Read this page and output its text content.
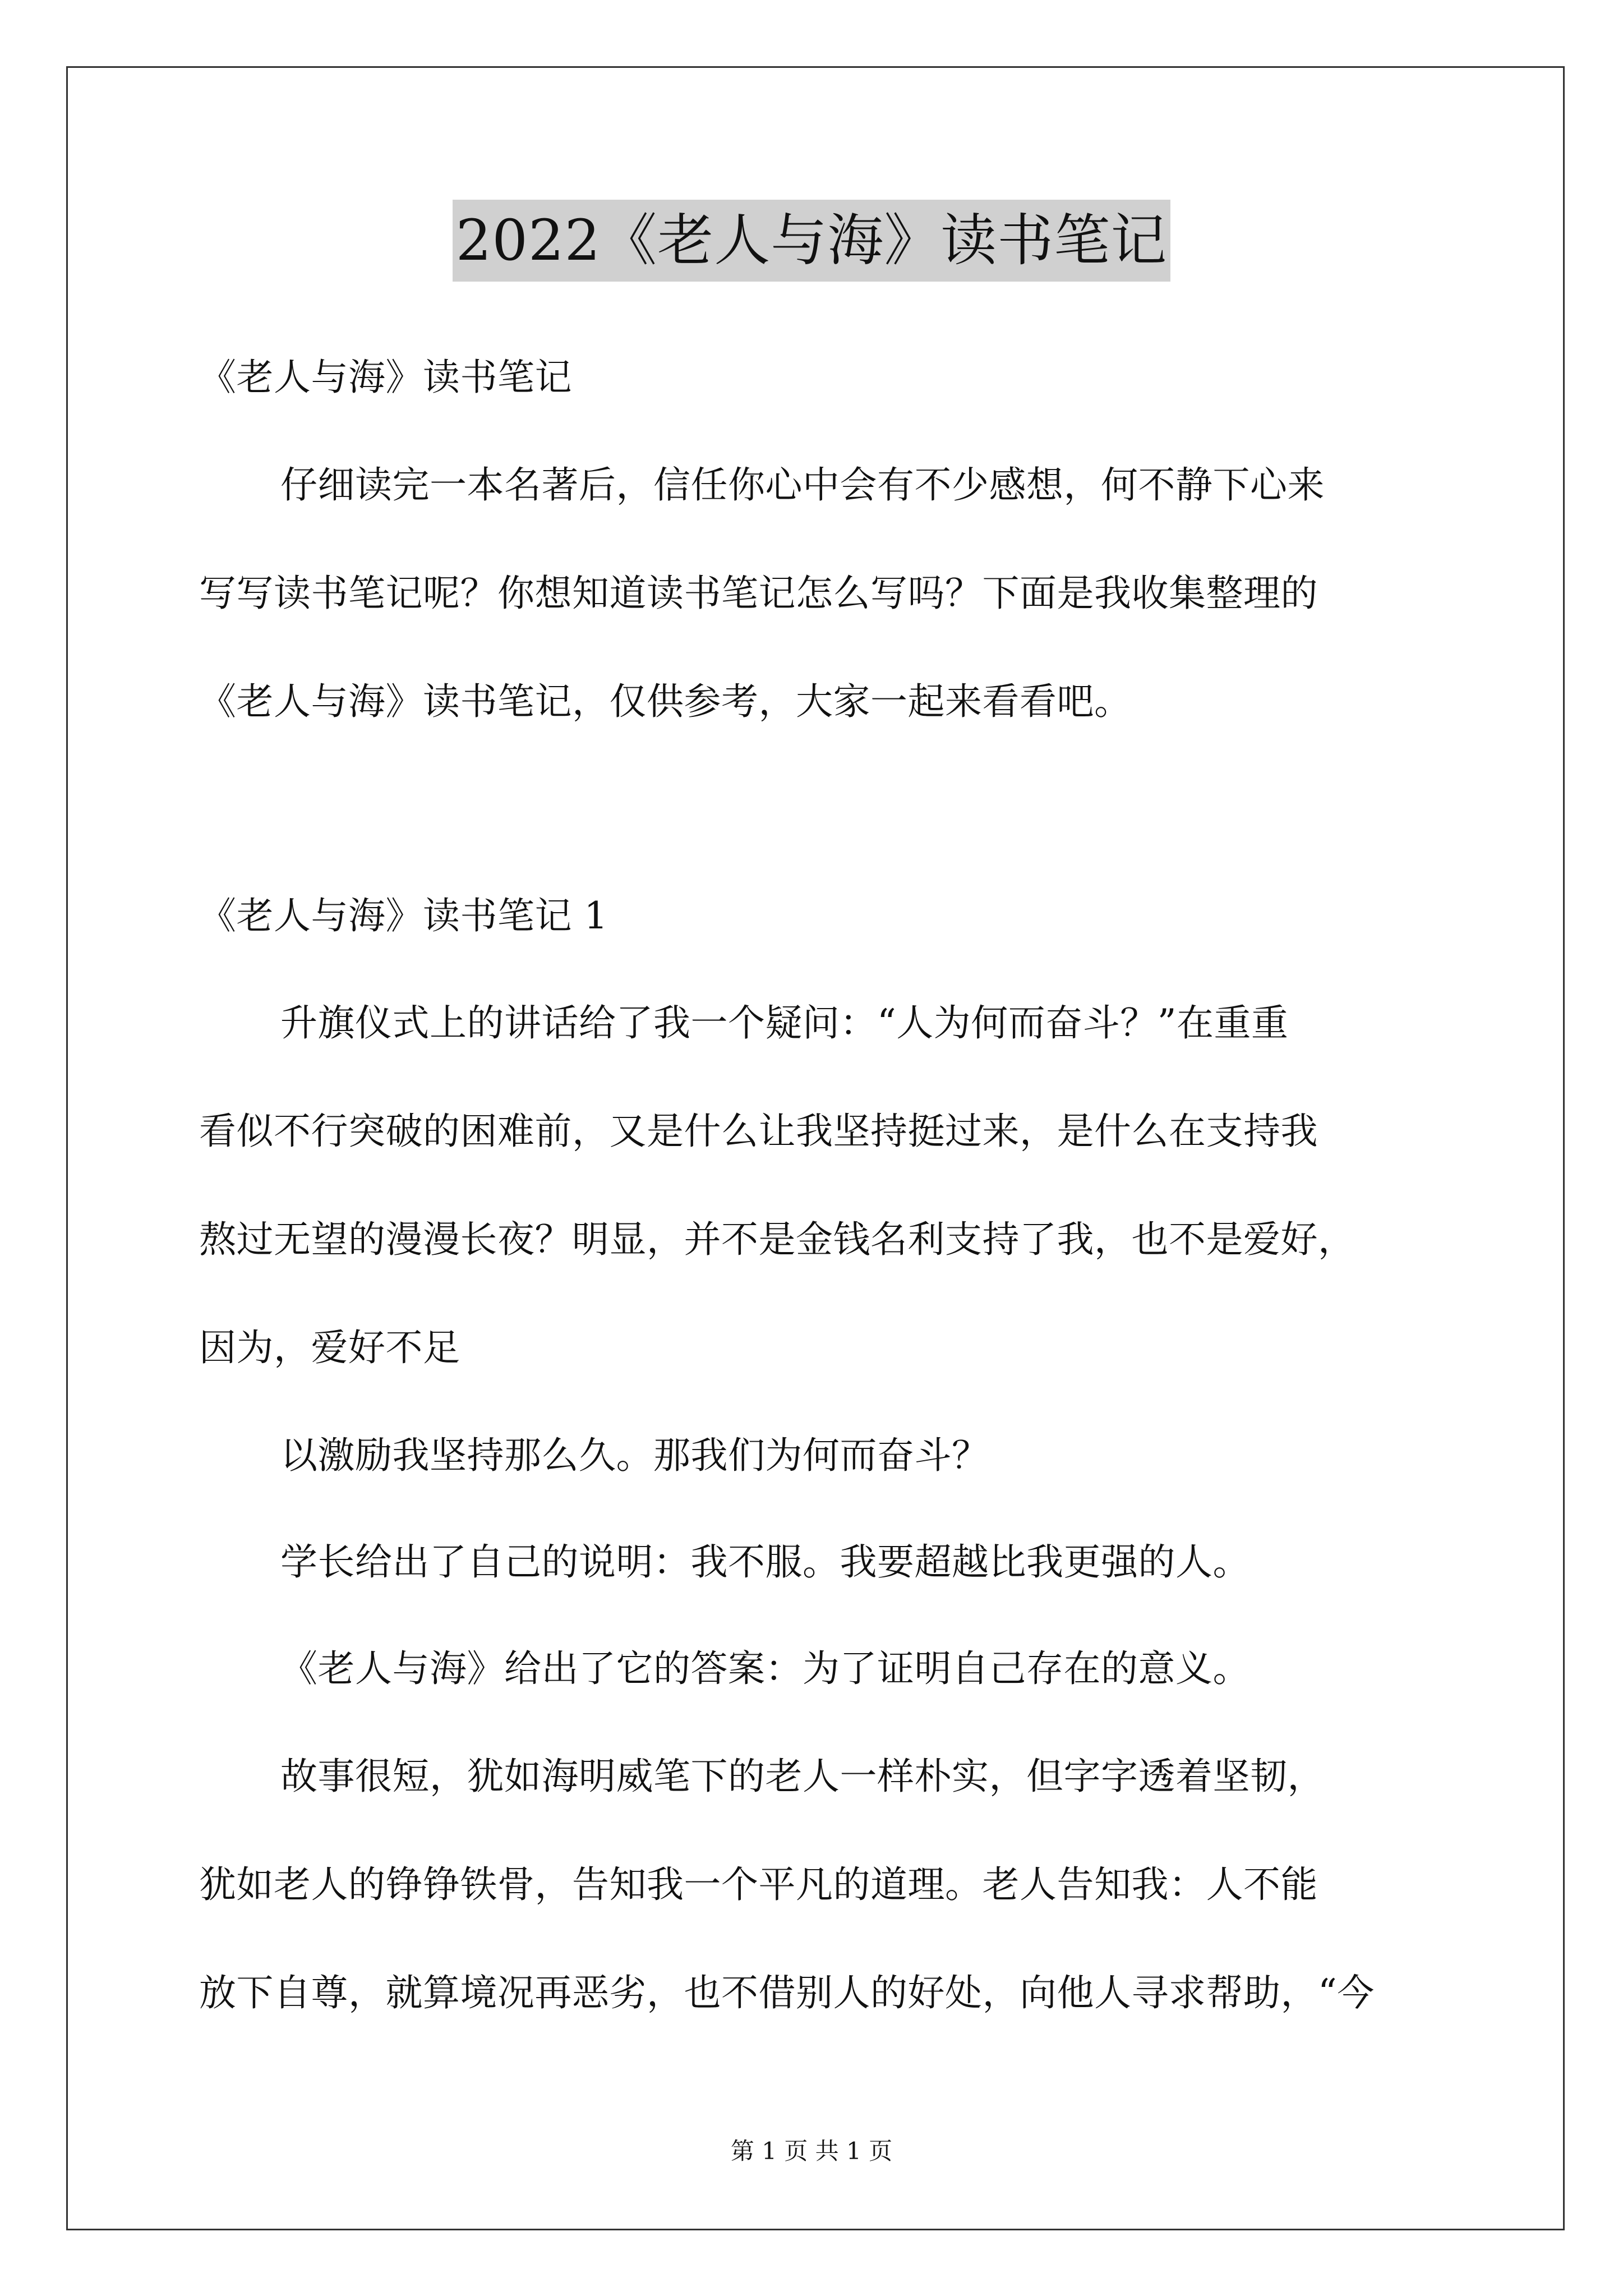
2022《老人与海》读书笔记
《老人与海》读书笔记
仔细读完一本名著后，信任你心中会有不少感想，何不静下心来
写写读书笔记呢？你想知道读书笔记怎么写吗？下面是我收集整理的
《老人与海》读书笔记，仅供参考，大家一起来看看吧。
《老人与海》读书笔记 1
升旗仪式上的讲话给了我一个疑问：“人为何而奋斗？”在重重
看似不行突破的困难前，又是什么让我坚持挺过来，是什么在支持我
熬过无望的漫漫长夜？明显，并不是金钱名利支持了我，也不是爱好，
因为，爱好不足
以激励我坚持那么久。那我们为何而奋斗？
学长给出了自己的说明：我不服。我要超越比我更强的人。
《老人与海》给出了它的答案：为了证明自己存在的意义。
故事很短，犹如海明威笔下的老人一样朴实，但字字透着坚韧，
犹如老人的铮铮铁骨，告知我一个平凡的道理。老人告知我：人不能
放下自尊，就算境况再恶劣，也不借别人的好处，向他人寻求帮助，“今
第 1 页 共 1 页
